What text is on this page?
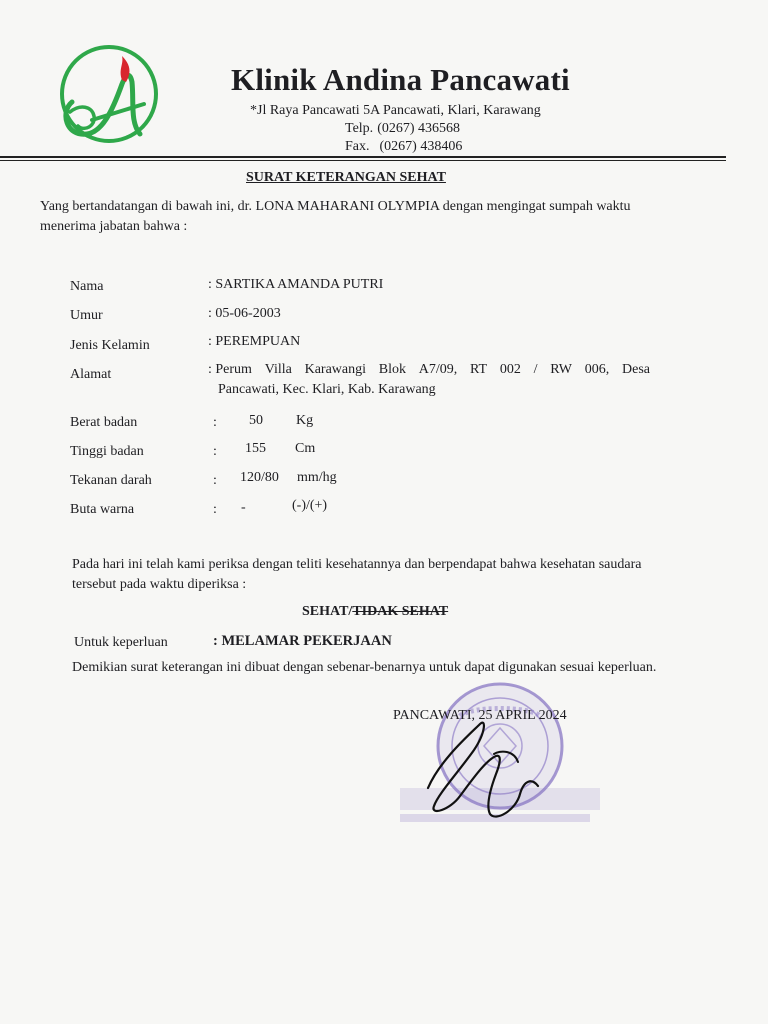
Klinik Andina Pancawati
*Jl Raya Pancawati 5A Pancawati, Klari, Karawang
Telp. (0267) 436568
Fax. (0267) 438406
SURAT KETERANGAN SEHAT
Yang bertandatangan di bawah ini, dr. LONA MAHARANI OLYMPIA dengan mengingat sumpah waktu menerima jabatan bahwa :
Nama	: SARTIKA AMANDA PUTRI
Umur	: 05-06-2003
Jenis Kelamin	: PEREMPUAN
Alamat	: Perum Villa Karawangi Blok A7/09, RT 002 / RW 006, Desa
Pancawati, Kec. Klari, Kab. Karawang
Berat badan	: 50 Kg
Tinggi badan	: 155 Cm
Tekanan darah	: 120/80 mm/hg
Buta warna	: -	(-)/(+)
Pada hari ini telah kami periksa dengan teliti kesehatannya dan berpendapat bahwa kesehatan saudara tersebut pada waktu diperiksa :
SEHAT/TIDAK SEHAT
Untuk keperluan	: MELAMAR PEKERJAAN
Demikian surat keterangan ini dibuat dengan sebenar-benarnya untuk dapat digunakan sesuai keperluan.
PANCAWATI, 25 APRIL 2024
